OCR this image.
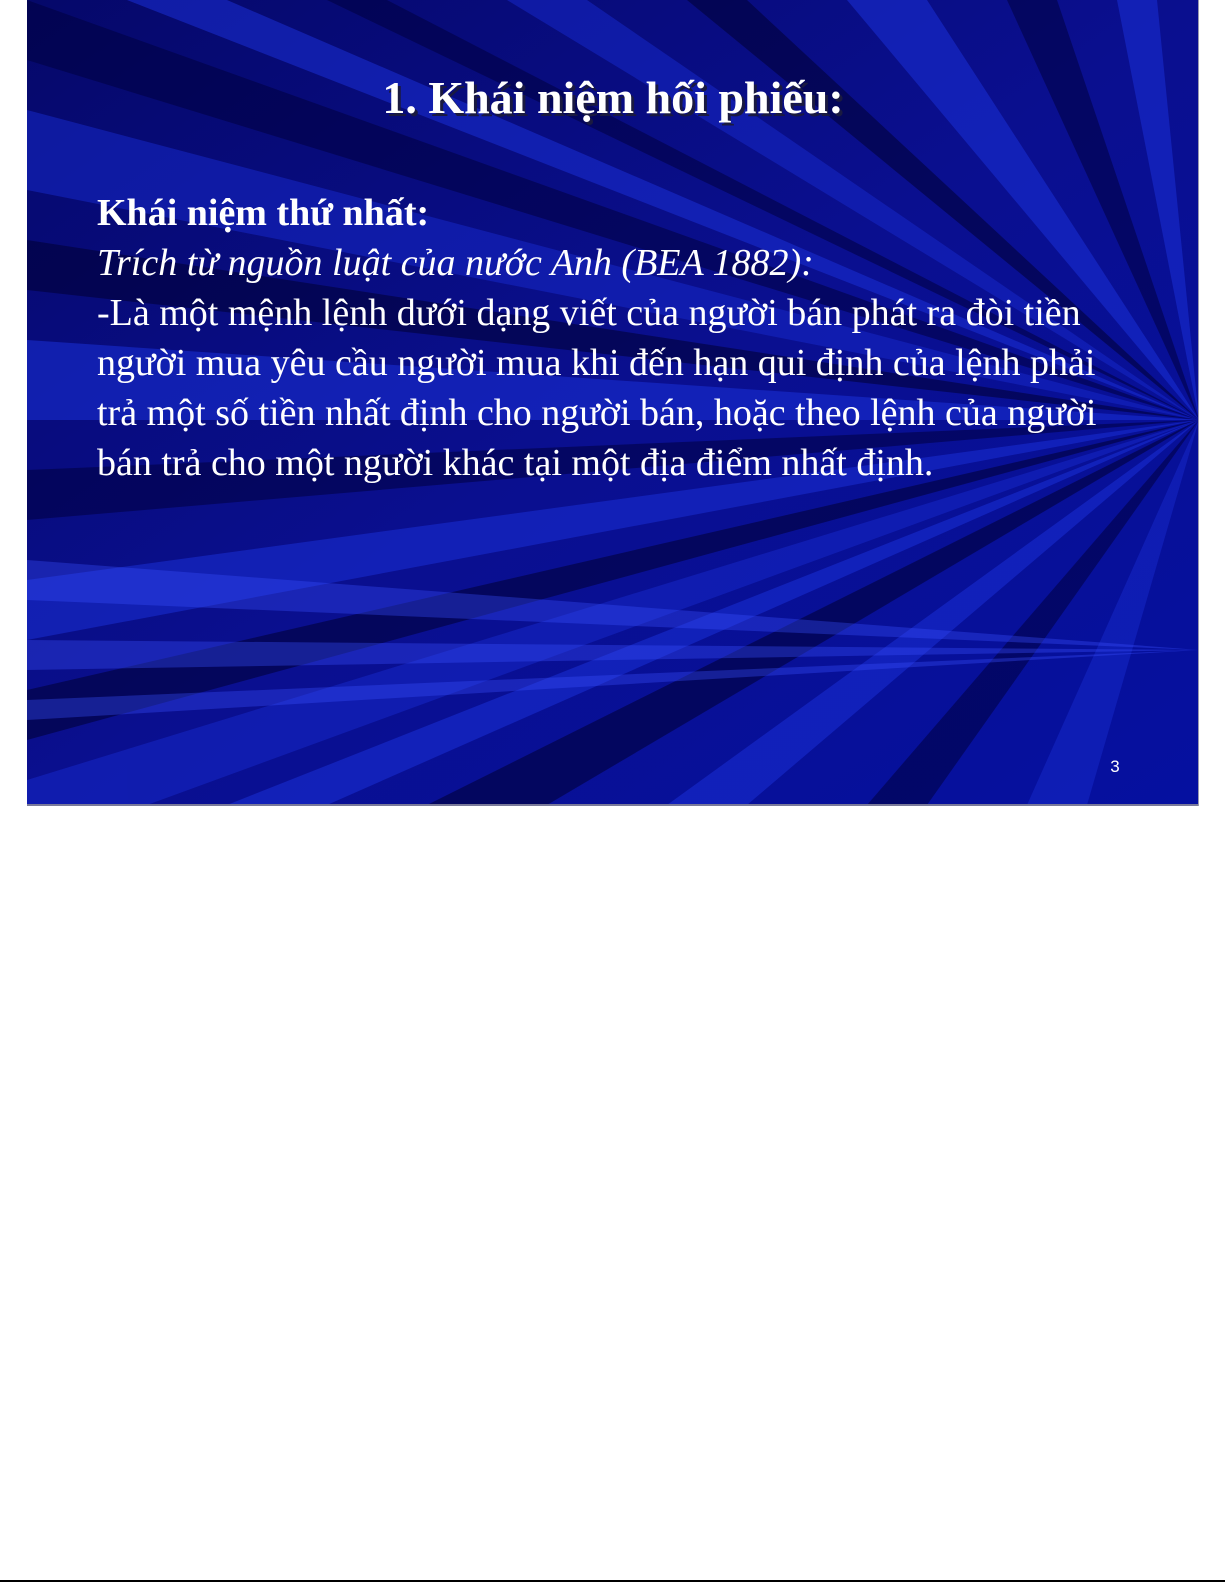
1. Khái niệm hối phiếu:

Khái niệm thứ nhất:

Trích từ nguồn luật của nước Anh (BEA 1882):

-Là một mệnh lệnh dưới dạng viết của người bán phát ra đòi tiền người mua yêu cầu người mua khi đến hạn qui định của lệnh phải trả một số tiền nhất định cho người bán, hoặc theo lệnh của người bán trả cho một người khác tại một địa điểm nhất định.

3
